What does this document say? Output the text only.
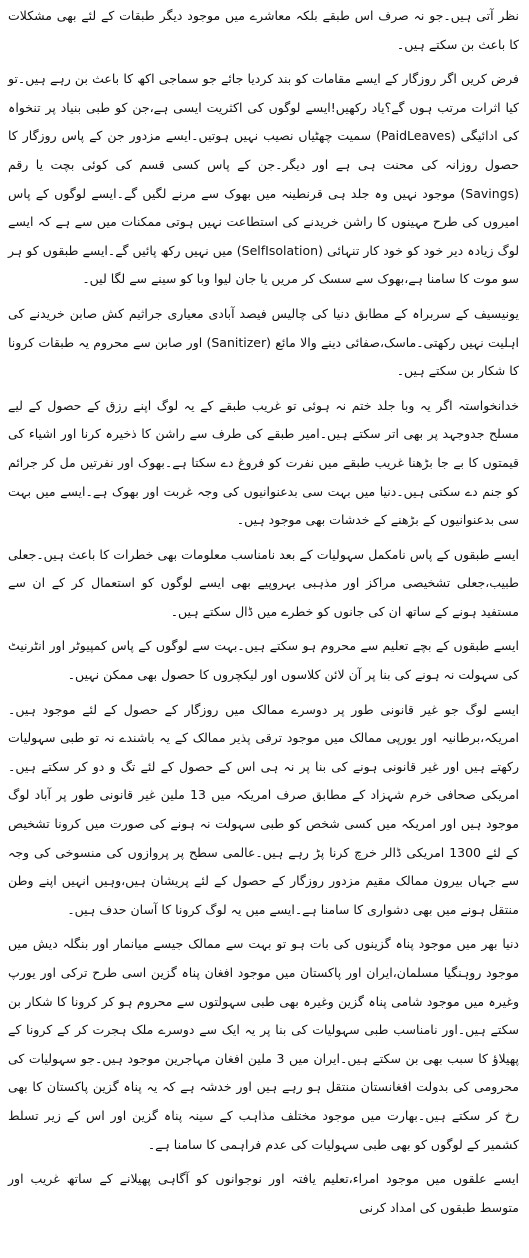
نظر آتی ہیں۔جو نہ صرف اس طبقے بلکہ معاشرے میں موجود دیگر طبقات کے لئے بھی مشکلات کا باعث بن سکتے ہیں۔

فرض کریں اگر روزگار کے ایسے مقامات کو بند کردیا جائے جو سماجی اکھ کا باعث بن رہے ہیں۔تو کیا اثرات مرتب ہوں گے؟یاد رکھیں!ایسے لوگوں کی اکثریت ایسی ہے،جن کو طبی بنیاد پر تنخواہ کی ادائیگی (PaidLeaves) سمیت چھٹیاں نصیب نہیں ہوتیں۔ایسے مزدور جن کے پاس روزگار کا حصول روزانہ کی محنت ہی ہے اور دیگر۔جن کے پاس کسی قسم کی کوئی بچت یا رقم (Savings) موجود نہیں وہ جلد ہی قرنطینہ میں بھوک سے مرنے لگیں گے۔ایسے لوگوں کے پاس امیروں کی طرح مہینوں کا راشن خریدنے کی استطاعت نہیں ہوتی ممکنات میں سے ہے کہ ایسے لوگ زیادہ دیر خود کو خود کار تنہائی (SelfIsolation) میں نہیں رکھ پائیں گے۔ایسے طبقوں کو ہر سو موت کا سامنا ہے،بھوک سے سسک کر مریں یا جان لیوا وبا کو سینے سے لگا لیں۔

یونیسیف کے سربراہ کے مطابق دنیا کی چالیس فیصد آبادی معیاری جراثیم کش صابن خریدنے کی اہلیت نہیں رکھتی۔ماسک،صفائی دینے والا مائع (Sanitizer) اور صابن سے محروم یہ طبقات کرونا کا شکار بن سکتے ہیں۔

خدانخواستہ اگر یہ وبا جلد ختم نہ ہوئی تو غریب طبقے کے یہ لوگ اپنے رزق کے حصول کے لیے مسلح جدوجہد پر بھی اتر سکتے ہیں۔امیر طبقے کی طرف سے راشن کا ذخیرہ کرنا اور اشیاء کی قیمتوں کا بے جا بڑھنا غریب طبقے میں نفرت کو فروغ دے سکتا ہے۔بھوک اور نفرتیں مل کر جرائم کو جنم دے سکتی ہیں۔دنیا میں بہت سی بدعنوانیوں کی وجہ غربت اور بھوک ہے۔ایسے میں بہت سی بدعنوانیوں کے بڑھنے کے خدشات بھی موجود ہیں۔

ایسے طبقوں کے پاس نامکمل سہولیات کے بعد نامناسب معلومات بھی خطرات کا باعث ہیں۔جعلی طبیب،جعلی تشخیصی مراکز اور مذہبی بہروپیے بھی ایسے لوگوں کو استعمال کر کے ان سے مستفید ہونے کے ساتھ ان کی جانوں کو خطرے میں ڈال سکتے ہیں۔

ایسے طبقوں کے بچے تعلیم سے محروم ہو سکتے ہیں۔بہت سے لوگوں کے پاس کمپیوٹر اور انٹرنیٹ کی سہولت نہ ہونے کی بنا پر آن لائن کلاسوں اور لیکچروں کا حصول بھی ممکن نہیں۔

ایسے لوگ جو غیر قانونی طور پر دوسرے ممالک میں روزگار کے حصول کے لئے موجود ہیں۔امریکہ،برطانیہ اور یورپی ممالک میں موجود ترقی پذیر ممالک کے یہ باشندے نہ تو طبی سہولیات رکھتے ہیں اور غیر قانونی ہونے کی بنا پر نہ ہی اس کے حصول کے لئے تگ و دو کر سکتے ہیں۔امریکی صحافی خرم شہزاد کے مطابق صرف امریکہ میں 13 ملین غیر قانونی طور پر آباد لوگ موجود ہیں اور امریکہ میں کسی شخص کو طبی سہولت نہ ہونے کی صورت میں کرونا تشخیص کے لئے 1300 امریکی ڈالر خرچ کرنا پڑ رہے ہیں۔عالمی سطح پر پروازوں کی منسوخی کی وجہ سے جہاں بیرون ممالک مقیم مزدور روزگار کے حصول کے لئے پریشان ہیں،وہیں انہیں اپنے وطن منتقل ہونے میں بھی دشواری کا سامنا ہے۔ایسے میں یہ لوگ کرونا کا آسان حدف ہیں۔

دنیا بھر میں موجود پناہ گزینوں کی بات ہو تو بہت سے ممالک جیسے میانمار اور بنگلہ دیش میں موجود روہنگیا مسلمان،ایران اور پاکستان میں موجود افغان پناہ گزین اسی طرح ترکی اور یورپ وغیرہ میں موجود شامی پناہ گزین وغیرہ بھی طبی سہولتوں سے محروم ہو کر کرونا کا شکار بن سکتے ہیں۔اور نامناسب طبی سہولیات کی بنا پر یہ ایک سے دوسرے ملک ہجرت کر کے کرونا کے پھیلاؤ کا سبب بھی بن سکتے ہیں۔ایران میں 3 ملین افغان مہاجرین موجود ہیں۔جو سہولیات کی محرومی کی بدولت افغانستان منتقل ہو رہے ہیں اور خدشہ ہے کہ یہ پناہ گزین پاکستان کا بھی رخ کر سکتے ہیں۔بھارت میں موجود مختلف مذاہب کے سینہ پناہ گزین اور اس کے زیر تسلط کشمیر کے لوگوں کو بھی طبی سہولیات کی عدم فراہمی کا سامنا ہے۔

ایسے علقوں میں موجود امراء،تعلیم یافتہ اور نوجوانوں کو آگاہی پھیلانے کے ساتھ غریب اور متوسط طبقوں کی امداد کرنی
